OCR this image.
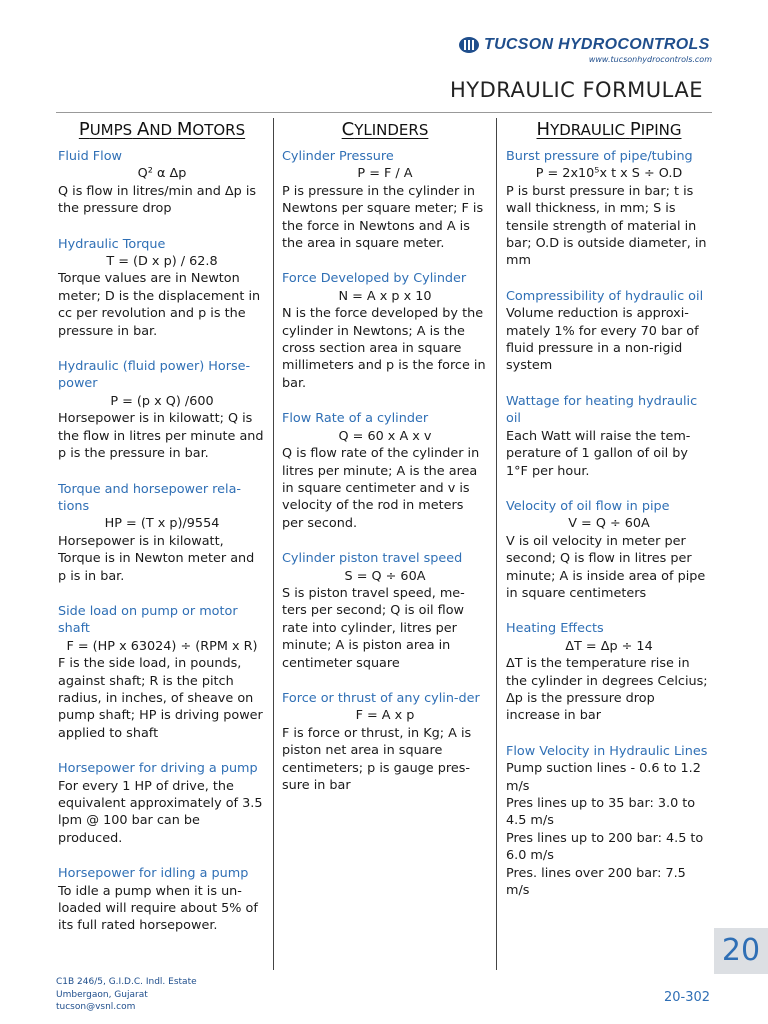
TUCSON HYDROCONTROLS
www.tucsonhydrocontrols.com
HYDRAULIC FORMULAE
PUMPS AND MOTORS
Fluid Flow
Q² α Δp
Q is flow in litres/min and Δp is the pressure drop
Hydraulic Torque
T = (D x p) / 62.8
Torque values are in Newton meter; D is the displacement in cc per revolution and p is the pressure in bar.
Hydraulic (fluid power) Horse-power
P = (p x Q) /600
Horsepower is in kilowatt; Q is the flow in litres per minute and p is the pressure in bar.
Torque and horsepower rela-tions
HP = (T x p)/9554
Horsepower is in kilowatt, Torque is in Newton meter and p is in bar.
Side load on pump or motor shaft
F = (HP x 63024) ÷ (RPM x R)
F is the side load, in pounds, against shaft; R is the pitch radius, in inches, of sheave on pump shaft; HP is driving power applied to shaft
Horsepower for driving a pump
For every 1 HP of drive, the equivalent approximately of 3.5 lpm @ 100 bar can be produced.
Horsepower for idling a pump
To idle a pump when it is un-loaded will require about 5% of its full rated horsepower.
CYLINDERS
Cylinder Pressure
P = F / A
P is pressure in the cylinder in Newtons per square meter; F is the force in Newtons and A is the area in square meter.
Force Developed by Cylinder
N = A x p x 10
N is the force developed by the cylinder in Newtons; A is the cross section area in square millimeters and p is the force in bar.
Flow Rate of a cylinder
Q = 60 x A x v
Q is flow rate of the cylinder in litres per minute; A is the area in square centimeter and v is velocity of the rod in meters per second.
Cylinder piston travel speed
S = Q ÷ 60A
S is piston travel speed, me-ters per second; Q is oil flow rate into cylinder, litres per minute; A is piston area in centimeter square
Force or thrust of any cylin-der
F = A x p
F is force or thrust, in Kg; A is piston net area in square centimeters; p is gauge pres-sure in bar
HYDRAULIC PIPING
Burst pressure of pipe/tubing
P = 2x10⁵x t x S ÷ O.D
P is burst pressure in bar; t is wall thickness, in mm; S is tensile strength of material in bar; O.D is outside diameter, in mm
Compressibility of hydraulic oil
Volume reduction is approxi-mately 1% for every 70 bar of fluid pressure in a non-rigid system
Wattage for heating hydraulic oil
Each Watt will raise the tem-perature of 1 gallon of oil by 1°F per hour.
Velocity of oil flow in pipe
V = Q ÷ 60A
V is oil velocity in meter per second; Q is flow in litres per minute; A is inside area of pipe in square centimeters
Heating Effects
ΔT = Δp ÷ 14
ΔT is the temperature rise in the cylinder in degrees Celcius; Δp is the pressure drop increase in bar
Flow Velocity in Hydraulic Lines
Pump suction lines - 0.6 to 1.2 m/s
Pres lines up to 35 bar: 3.0 to 4.5 m/s
Pres lines up to 200 bar: 4.5 to 6.0 m/s
Pres. lines over 200 bar: 7.5 m/s
C1B 246/5, G.I.D.C. Indl. Estate
Umbergaon, Gujarat
tucson@vsnl.com
20
20-302
